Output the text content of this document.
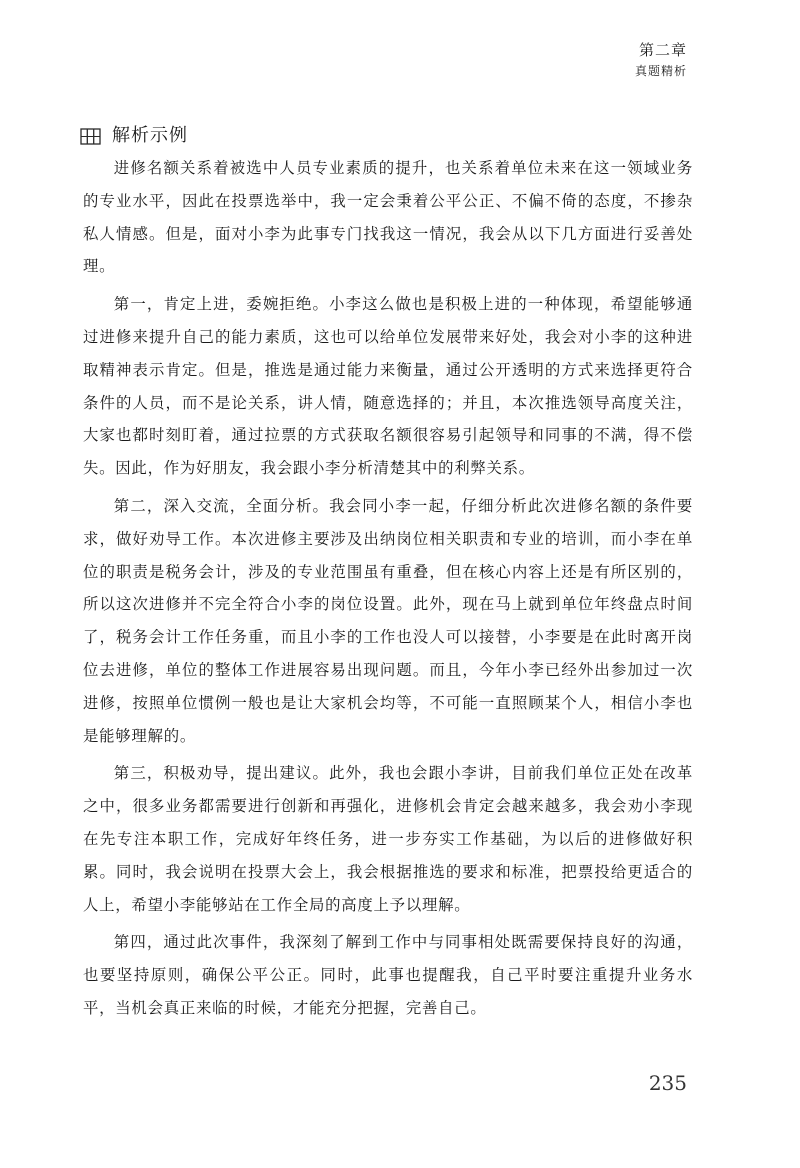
第二章
真题精析
解析示例

进修名额关系着被选中人员专业素质的提升，也关系着单位未来在这一领域业务的专业水平，因此在投票选举中，我一定会秉着公平公正、不偏不倚的态度，不掺杂私人情感。但是，面对小李为此事专门找我这一情况，我会从以下几方面进行妥善处理。

第一，肯定上进，委婉拒绝。小李这么做也是积极上进的一种体现，希望能够通过进修来提升自己的能力素质，这也可以给单位发展带来好处，我会对小李的这种进取精神表示肯定。但是，推选是通过能力来衡量，通过公开透明的方式来选择更符合条件的人员，而不是论关系，讲人情，随意选择的；并且，本次推选领导高度关注，大家也都时刻盯着，通过拉票的方式获取名额很容易引起领导和同事的不满，得不偿失。因此，作为好朋友，我会跟小李分析清楚其中的利弊关系。

第二，深入交流，全面分析。我会同小李一起，仔细分析此次进修名额的条件要求，做好劝导工作。本次进修主要涉及出纳岗位相关职责和专业的培训，而小李在单位的职责是税务会计，涉及的专业范围虽有重叠，但在核心内容上还是有所区别的，所以这次进修并不完全符合小李的岗位设置。此外，现在马上就到单位年终盘点时间了，税务会计工作任务重，而且小李的工作也没人可以接替，小李要是在此时离开岗位去进修，单位的整体工作进展容易出现问题。而且，今年小李已经外出参加过一次进修，按照单位惯例一般也是让大家机会均等，不可能一直照顾某个人，相信小李也是能够理解的。

第三，积极劝导，提出建议。此外，我也会跟小李讲，目前我们单位正处在改革之中，很多业务都需要进行创新和再强化，进修机会肯定会越来越多，我会劝小李现在先专注本职工作，完成好年终任务，进一步夯实工作基础，为以后的进修做好积累。同时，我会说明在投票大会上，我会根据推选的要求和标准，把票投给更适合的人上，希望小李能够站在工作全局的高度上予以理解。

第四，通过此次事件，我深刻了解到工作中与同事相处既需要保持良好的沟通，也要坚持原则，确保公平公正。同时，此事也提醒我，自己平时要注重提升业务水平，当机会真正来临的时候，才能充分把握，完善自己。

235
